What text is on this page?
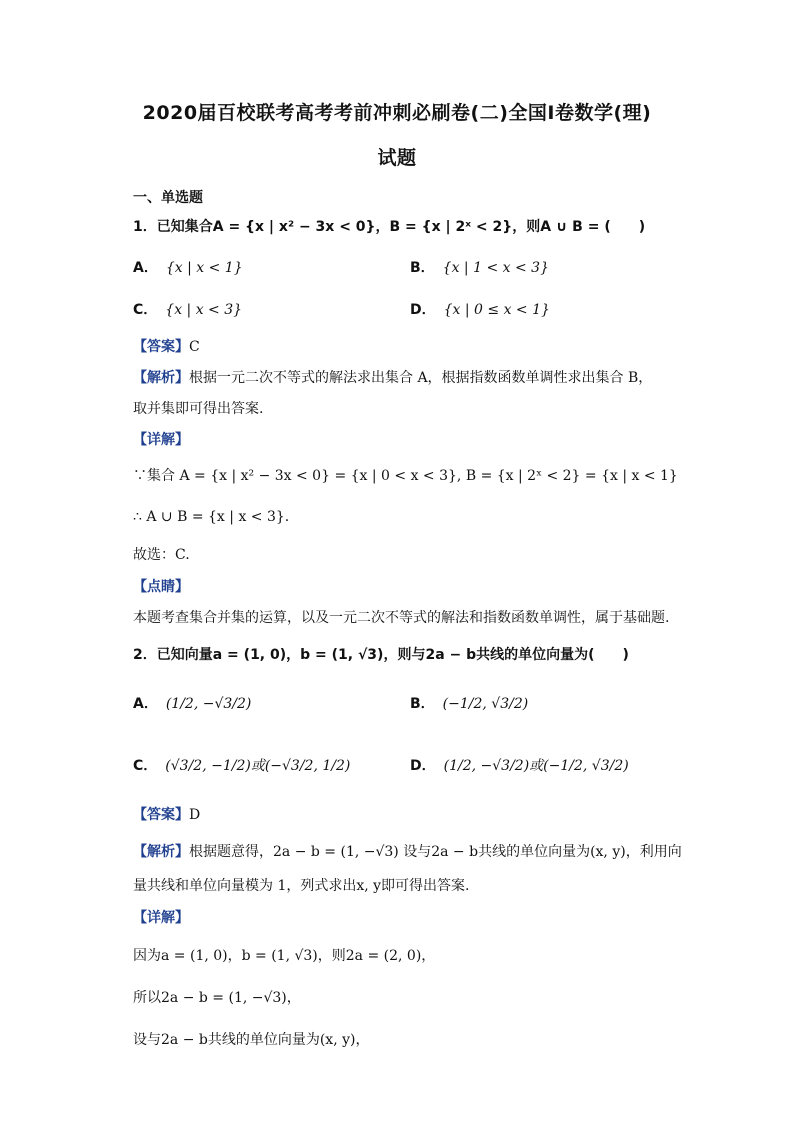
2020届百校联考高考考前冲刺必刷卷(二)全国Ⅰ卷数学(理)
试题
一、单选题
1．已知集合A = {x | x² − 3x < 0}，B = {x | 2ˣ < 2}，则A ∪ B = (　　)
A． {x | x < 1}	B． {x | 1 < x < 3}
C． {x | x < 3}	D． {x | 0 ≤ x < 1}
【答案】C
【解析】根据一元二次不等式的解法求出集合 A，根据指数函数单调性求出集合 B，
取并集即可得出答案.
【详解】
∵集合 A = {x | x² − 3x < 0} = {x | 0 < x < 3}, B = {x | 2ˣ < 2} = {x | x < 1}
∴ A ∪ B = {x | x < 3}.
故选：C.
【点睛】
本题考查集合并集的运算，以及一元二次不等式的解法和指数函数单调性，属于基础题.
2．已知向量a = (1, 0)，b = (1, √3)，则与2a − b共线的单位向量为(　　)
A． (1/2, −√3/2)	B． (−1/2, √3/2)
C． (√3/2, −1/2)或(−√3/2, 1/2)	D． (1/2, −√3/2)或(−1/2, √3/2)
【答案】D
【解析】根据题意得，2a − b = (1, −√3) 设与2a − b共线的单位向量为(x, y)，利用向
量共线和单位向量模为 1，列式求出x, y即可得出答案.
【详解】
因为a = (1, 0)，b = (1, √3)，则2a = (2, 0)，
所以2a − b = (1, −√3)，
设与2a − b共线的单位向量为(x, y)，
